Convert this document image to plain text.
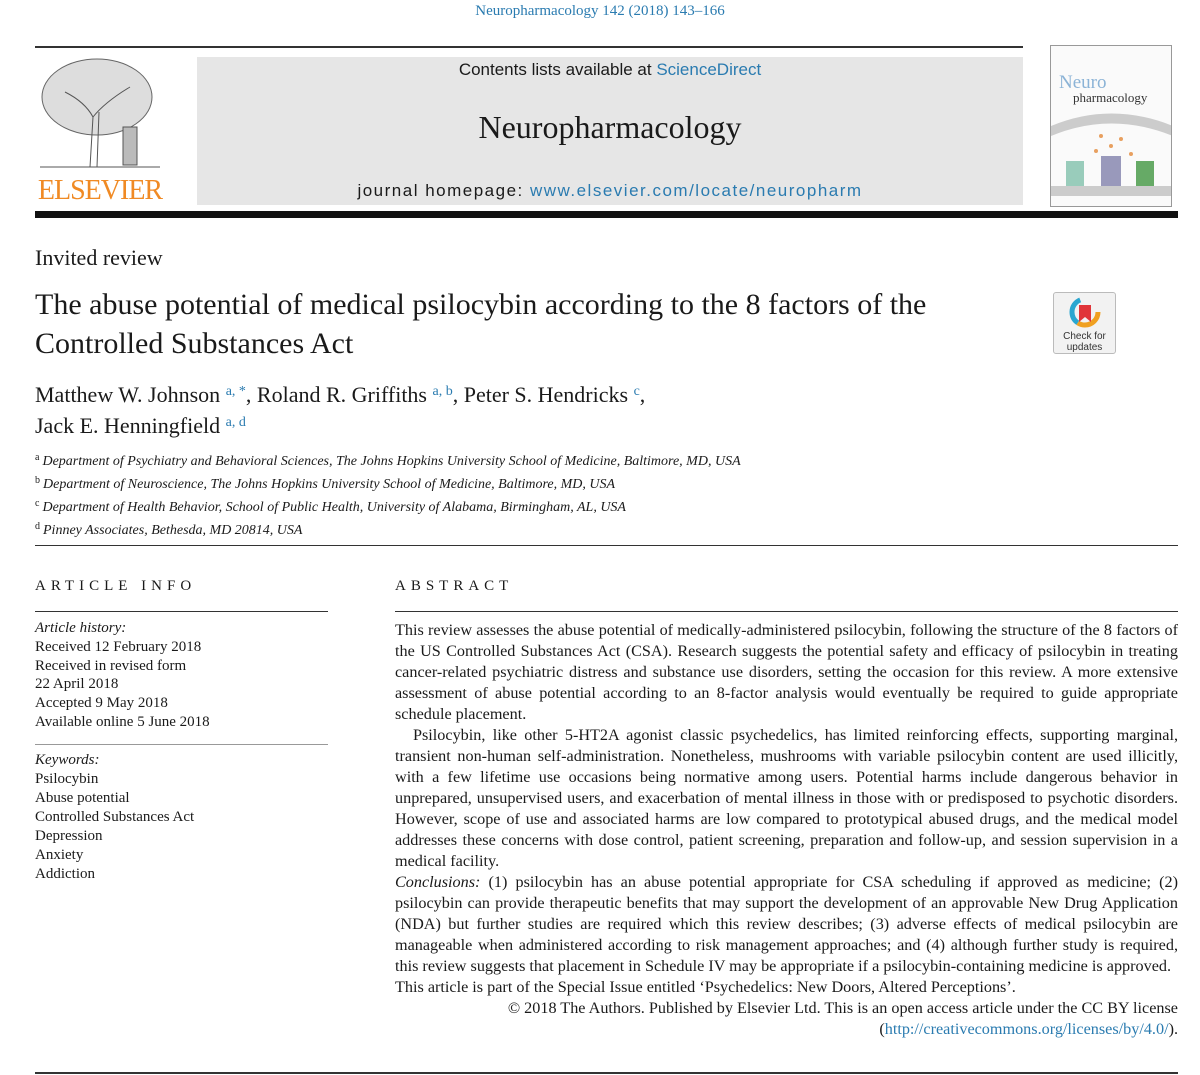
Neuropharmacology 142 (2018) 143–166
ELSEVIER
Contents lists available at ScienceDirect
Neuropharmacology
journal homepage: www.elsevier.com/locate/neuropharm
Neuro
pharmacology
Invited review
The abuse potential of medical psilocybin according to the 8 factors of the Controlled Substances Act	Check for
updates
Matthew W. Johnson $^{a, *}$, Roland R. Griffiths $^{a, b}$, Peter S. Hendricks $^c$,
Jack E. Henningfield $^{a, d}$
$^a$ Department of Psychiatry and Behavioral Sciences, The Johns Hopkins University School of Medicine, Baltimore, MD, USA
$^b$ Department of Neuroscience, The Johns Hopkins University School of Medicine, Baltimore, MD, USA
$^c$ Department of Health Behavior, School of Public Health, University of Alabama, Birmingham, AL, USA
$^d$ Pinney Associates, Bethesda, MD 20814, USA
ARTICLE INFO	ABSTRACT
Article history:
Received 12 February 2018
Received in revised form
22 April 2018
Accepted 9 May 2018
Available online 5 June 2018
Keywords:
Psilocybin
Abuse potential
Controlled Substances Act
Depression
Anxiety
Addiction

This review assesses the abuse potential of medically-administered psilocybin, following the structure of the 8 factors of the US Controlled Substances Act (CSA). Research suggests the potential safety and efficacy of psilocybin in treating cancer-related psychiatric distress and substance use disorders, setting the occasion for this review. A more extensive assessment of abuse potential according to an 8-factor analysis would eventually be required to guide appropriate schedule placement.

Psilocybin, like other 5-HT2A agonist classic psychedelics, has limited reinforcing effects, supporting marginal, transient non-human self-administration. Nonetheless, mushrooms with variable psilocybin content are used illicitly, with a few lifetime use occasions being normative among users. Potential harms include dangerous behavior in unprepared, unsupervised users, and exacerbation of mental illness in those with or predisposed to psychotic disorders. However, scope of use and associated harms are low compared to prototypical abused drugs, and the medical model addresses these concerns with dose control, patient screening, preparation and follow-up, and session supervision in a medical facility.

Conclusions: (1) psilocybin has an abuse potential appropriate for CSA scheduling if approved as medicine; (2) psilocybin can provide therapeutic benefits that may support the development of an approvable New Drug Application (NDA) but further studies are required which this review describes; (3) adverse effects of medical psilocybin are manageable when administered according to risk management approaches; and (4) although further study is required, this review suggests that placement in Schedule IV may be appropriate if a psilocybin-containing medicine is approved.

This article is part of the Special Issue entitled ‘Psychedelics: New Doors, Altered Perceptions’.

© 2018 The Authors. Published by Elsevier Ltd. This is an open access article under the CC BY license
(http://creativecommons.org/licenses/by/4.0/).
